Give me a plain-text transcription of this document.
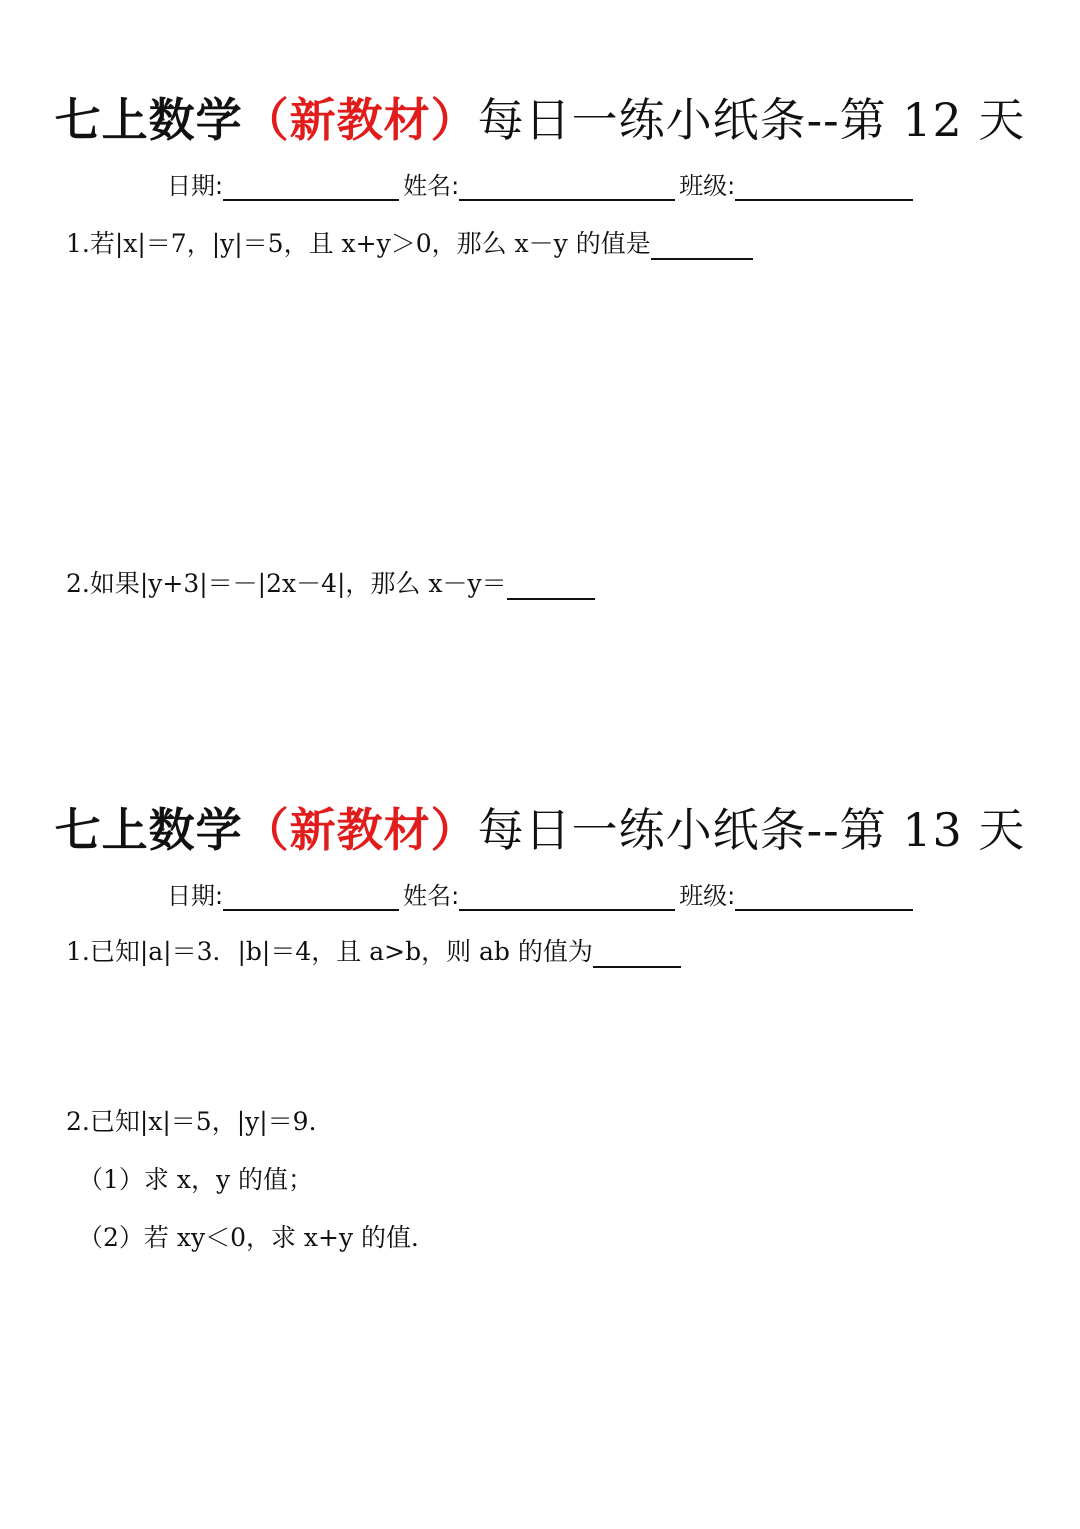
七上数学（新教材）每日一练小纸条--第 12 天
日期:	姓名:	班级:
1.若|x|＝7，|y|＝5，且 x+y＞0，那么 x－y 的值是
2.如果|y+3|＝－|2x－4|，那么 x－y＝
七上数学（新教材）每日一练小纸条--第 13 天
日期:	姓名:	班级:
1.已知|a|＝3．|b|＝4，且 a>b，则 ab 的值为
2.已知|x|＝5，|y|＝9．
（1）求 x，y 的值；
（2）若 xy＜0，求 x+y 的值．
